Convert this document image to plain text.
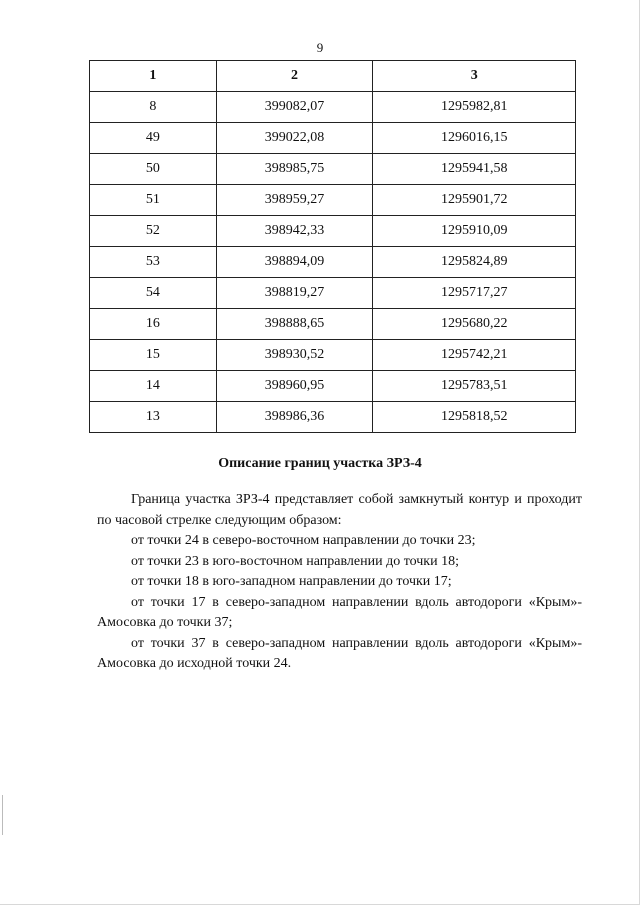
9
1	2	3
8	399082,07	1295982,81
49	399022,08	1296016,15
50	398985,75	1295941,58
51	398959,27	1295901,72
52	398942,33	1295910,09
53	398894,09	1295824,89
54	398819,27	1295717,27
16	398888,65	1295680,22
15	398930,52	1295742,21
14	398960,95	1295783,51
13	398986,36	1295818,52
Описание границ участка ЗРЗ-4

Граница участка ЗРЗ-4 представляет собой замкнутый контур и проходит по часовой стрелке следующим образом:

от точки 24 в северо-восточном направлении до точки 23;

от точки 23 в юго-восточном направлении до точки 18;

от точки 18 в юго-западном направлении до точки 17;

от точки 17 в северо-западном направлении вдоль автодороги «Крым»-Амосовка до точки 37;

от точки 37 в северо-западном направлении вдоль автодороги «Крым»-Амосовка до исходной точки 24.
